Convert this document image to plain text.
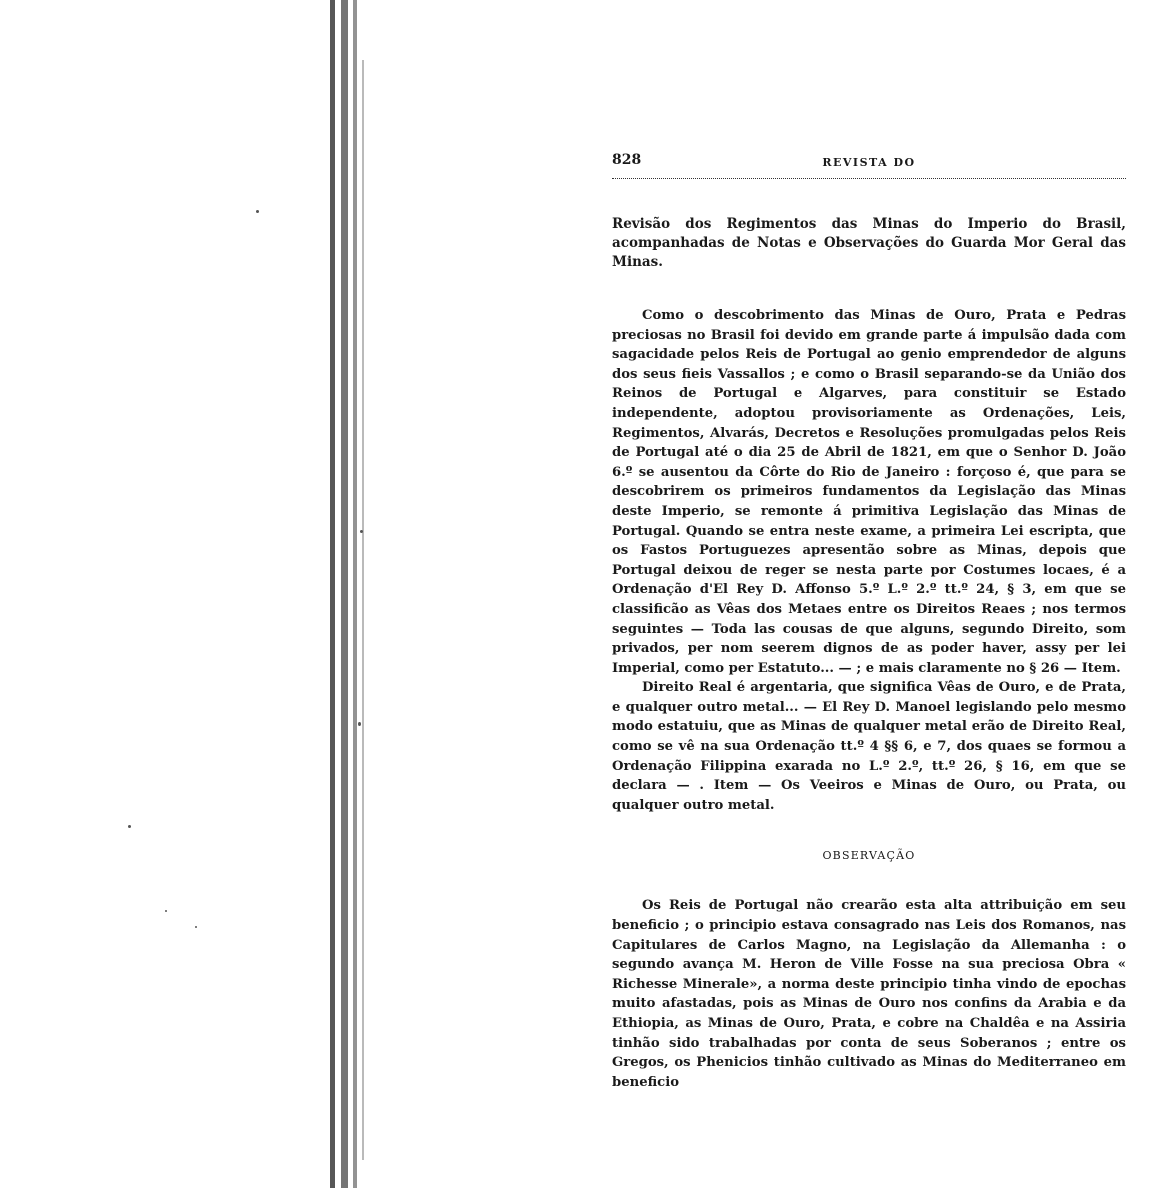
828	REVISTA DO
Revisão dos Regimentos das Minas do Imperio do Brasil, acompanhadas de Notas e Observações do Guarda Mor Geral das Minas.

Como o descobrimento das Minas de Ouro, Prata e Pedras preciosas no Brasil foi devido em grande parte á impulsão dada com sagacidade pelos Reis de Portugal ao genio emprendedor de alguns dos seus fieis Vassallos ; e como o Brasil separando-se da União dos Reinos de Portugal e Algarves, para constituir se Estado independente, adoptou provisoriamente as Ordenações, Leis, Regimentos, Alvarás, Decretos e Resoluções promulgadas pelos Reis de Portugal até o dia 25 de Abril de 1821, em que o Senhor D. João 6.º se ausentou da Côrte do Rio de Janeiro : forçoso é, que para se descobrirem os primeiros fundamentos da Legislação das Minas deste Imperio, se remonte á primitiva Legislação das Minas de Portugal. Quando se entra neste exame, a primeira Lei escripta, que os Fastos Portuguezes apresentão sobre as Minas, depois que Portugal deixou de reger se nesta parte por Costumes locaes, é a Ordenação d'El Rey D. Affonso 5.º L.º 2.º tt.º 24, § 3, em que se classificão as Vêas dos Metaes entre os Direitos Reaes ; nos termos seguintes — Toda las cousas de que alguns, segundo Direito, som privados, per nom seerem dignos de as poder haver, assy per lei Imperial, como per Estatuto... — ; e mais claramente no § 26 — Item.

Direito Real é argentaria, que significa Vêas de Ouro, e de Prata, e qualquer outro metal... — El Rey D. Manoel legislando pelo mesmo modo estatuiu, que as Minas de qualquer metal erão de Direito Real, como se vê na sua Ordenação tt.º 4 §§ 6, e 7, dos quaes se formou a Ordenação Filippina exarada no L.º 2.º, tt.º 26, § 16, em que se declara — . Item — Os Veeiros e Minas de Ouro, ou Prata, ou qualquer outro metal.

OBSERVAÇÃO

Os Reis de Portugal não crearão esta alta attribuição em seu beneficio ; o principio estava consagrado nas Leis dos Romanos, nas Capitulares de Carlos Magno, na Legislação da Allemanha : o segundo avança M. Heron de Ville Fosse na sua preciosa Obra « Richesse Minerale», a norma deste principio tinha vindo de epochas muito afastadas, pois as Minas de Ouro nos confins da Arabia e da Ethiopia, as Minas de Ouro, Prata, e cobre na Chaldêa e na Assiria tinhão sido trabalhadas por conta de seus Soberanos ; entre os Gregos, os Phenicios tinhão cultivado as Minas do Mediterraneo em beneficio
